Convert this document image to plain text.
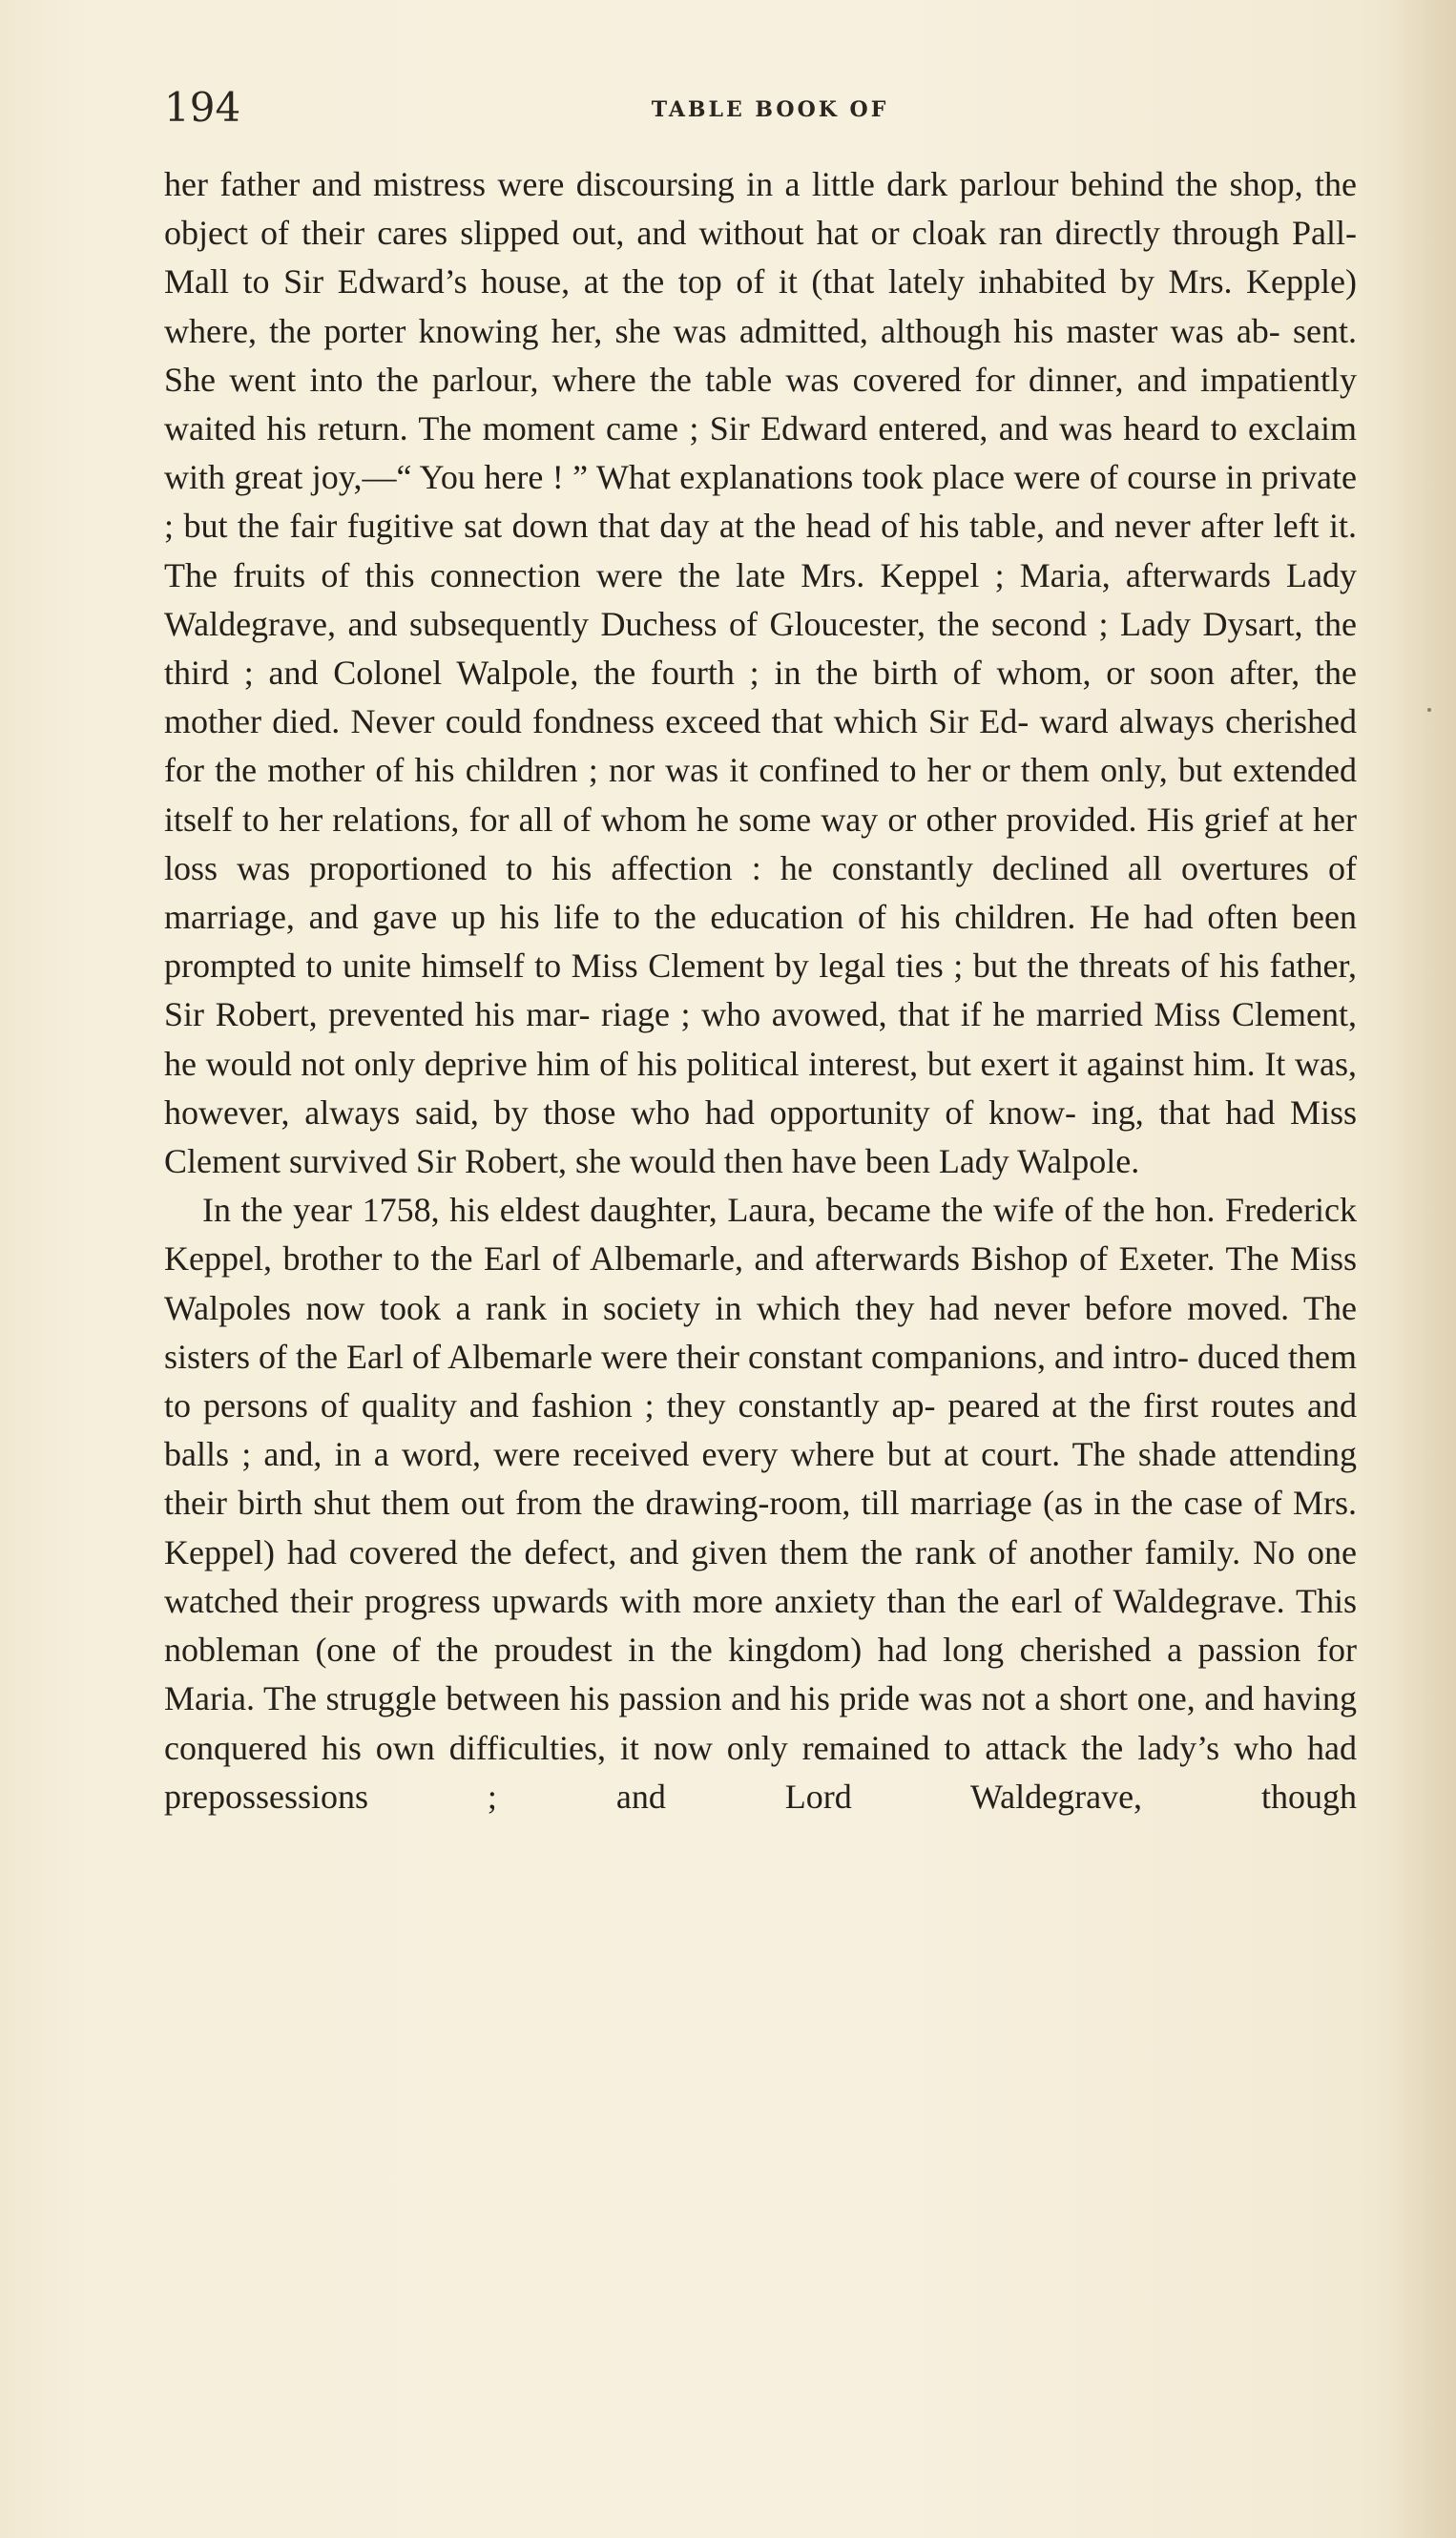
194	TABLE BOOK OF

her father and mistress were discoursing in a little dark parlour behind the shop, the object of their cares slipped out, and without hat or cloak ran directly through Pall-Mall to Sir Edward’s house, at the top of it (that lately inhabited by Mrs. Kepple) where, the porter knowing her, she was admitted, although his master was ab- sent. She went into the parlour, where the table was covered for dinner, and impatiently waited his return. The moment came ; Sir Edward entered, and was heard to exclaim with great joy,—“ You here ! ” What explanations took place were of course in private ; but the fair fugitive sat down that day at the head of his table, and never after left it. The fruits of this connection were the late Mrs. Keppel ; Maria, afterwards Lady Waldegrave, and subsequently Duchess of Gloucester, the second ; Lady Dysart, the third ; and Colonel Walpole, the fourth ; in the birth of whom, or soon after, the mother died. Never could fondness exceed that which Sir Ed- ward always cherished for the mother of his children ; nor was it confined to her or them only, but extended itself to her relations, for all of whom he some way or other provided. His grief at her loss was proportioned to his affection : he constantly declined all overtures of marriage, and gave up his life to the education of his children. He had often been prompted to unite himself to Miss Clement by legal ties ; but the threats of his father, Sir Robert, prevented his mar- riage ; who avowed, that if he married Miss Clement, he would not only deprive him of his political interest, but exert it against him. It was, however, always said, by those who had opportunity of know- ing, that had Miss Clement survived Sir Robert, she would then have been Lady Walpole.

In the year 1758, his eldest daughter, Laura, became the wife of the hon. Frederick Keppel, brother to the Earl of Albemarle, and afterwards Bishop of Exeter. The Miss Walpoles now took a rank in society in which they had never before moved. The sisters of the Earl of Albemarle were their constant companions, and intro- duced them to persons of quality and fashion ; they constantly ap- peared at the first routes and balls ; and, in a word, were received every where but at court. The shade attending their birth shut them out from the drawing-room, till marriage (as in the case of Mrs. Keppel) had covered the defect, and given them the rank of another family. No one watched their progress upwards with more anxiety than the earl of Waldegrave. This nobleman (one of the proudest in the kingdom) had long cherished a passion for Maria. The struggle between his passion and his pride was not a short one, and having conquered his own difficulties, it now only remained to attack the lady’s who had prepossessions ; and Lord Waldegrave, though
